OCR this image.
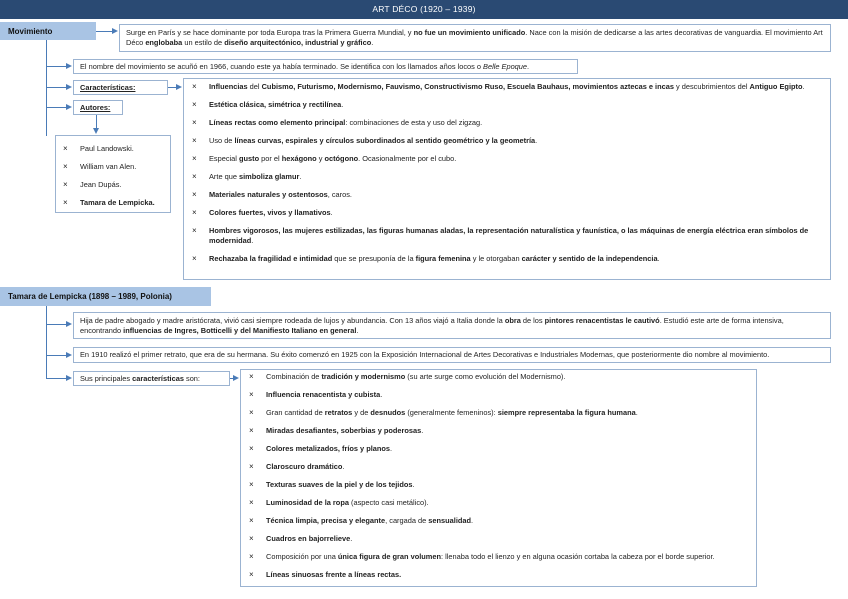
ART DÉCO (1920 – 1939)
Movimiento	Surge en París y se hace dominante por toda Europa tras la Primera Guerra Mundial, y no fue un movimiento unificado. Nace con la misión de dedicarse a las artes decorativas de vanguardia. El movimiento Art Déco englobaba un estilo de diseño arquitectónico, industrial y gráfico.
El nombre del movimiento se acuñó en 1966, cuando este ya había terminado. Se identifica con los llamados años locos o Belle Epoque.
Características:
Autores:
× Paul Landowski.
× William van Alen.
× Jean Dupás.
× Tamara de Lempicka.
× Influencias del Cubismo, Futurismo, Modernismo, Fauvismo, Constructivismo Ruso, Escuela Bauhaus, movimientos aztecas e incas y descubrimientos del Antiguo Egipto.
× Estética clásica, simétrica y rectilínea.
× Líneas rectas como elemento principal: combinaciones de esta y uso del zigzag.
× Uso de líneas curvas, espirales y círculos subordinados al sentido geométrico y la geometría.
× Especial gusto por el hexágono y octógono. Ocasionalmente por el cubo.
× Arte que simboliza glamur.
× Materiales naturales y ostentosos, caros.
× Colores fuertes, vivos y llamativos.
× Hombres vigorosos, las mujeres estilizadas, las figuras humanas aladas, la representación naturalística y faunística, o las máquinas de energía eléctrica eran símbolos de modernidad.
× Rechazaba la fragilidad e intimidad que se presuponía de la figura femenina y le otorgaban carácter y sentido de la independencia.
Tamara de Lempicka (1898 – 1989, Polonia)
Hija de padre abogado y madre aristócrata, vivió casi siempre rodeada de lujos y abundancia. Con 13 años viajó a Italia donde la obra de los pintores renacentistas le cautivó. Estudió este arte de forma intensiva, encontrando influencias de Ingres, Botticelli y del Manifiesto Italiano en general.
En 1910 realizó el primer retrato, que era de su hermana. Su éxito comenzó en 1925 con la Exposición Internacional de Artes Decorativas e Industriales Modernas, que posteriormente dio nombre al movimiento.
Sus principales características son:
×	Combinación de tradición y modernismo (su arte surge como evolución del Modernismo).
× Influencia renacentista y cubista.
× Gran cantidad de retratos y de desnudos (generalmente femeninos): siempre representaba la figura humana.
× Miradas desafiantes, soberbias y poderosas.
× Colores metalizados, fríos y planos.
× Claroscuro dramático.
× Texturas suaves de la piel y de los tejidos.
× Luminosidad de la ropa (aspecto casi metálico).
× Técnica limpia, precisa y elegante, cargada de sensualidad.
× Cuadros en bajorrelieve.
× Composición por una única figura de gran volumen: llenaba todo el lienzo y en alguna ocasión cortaba la cabeza por el borde superior.
× Líneas sinuosas frente a líneas rectas.
